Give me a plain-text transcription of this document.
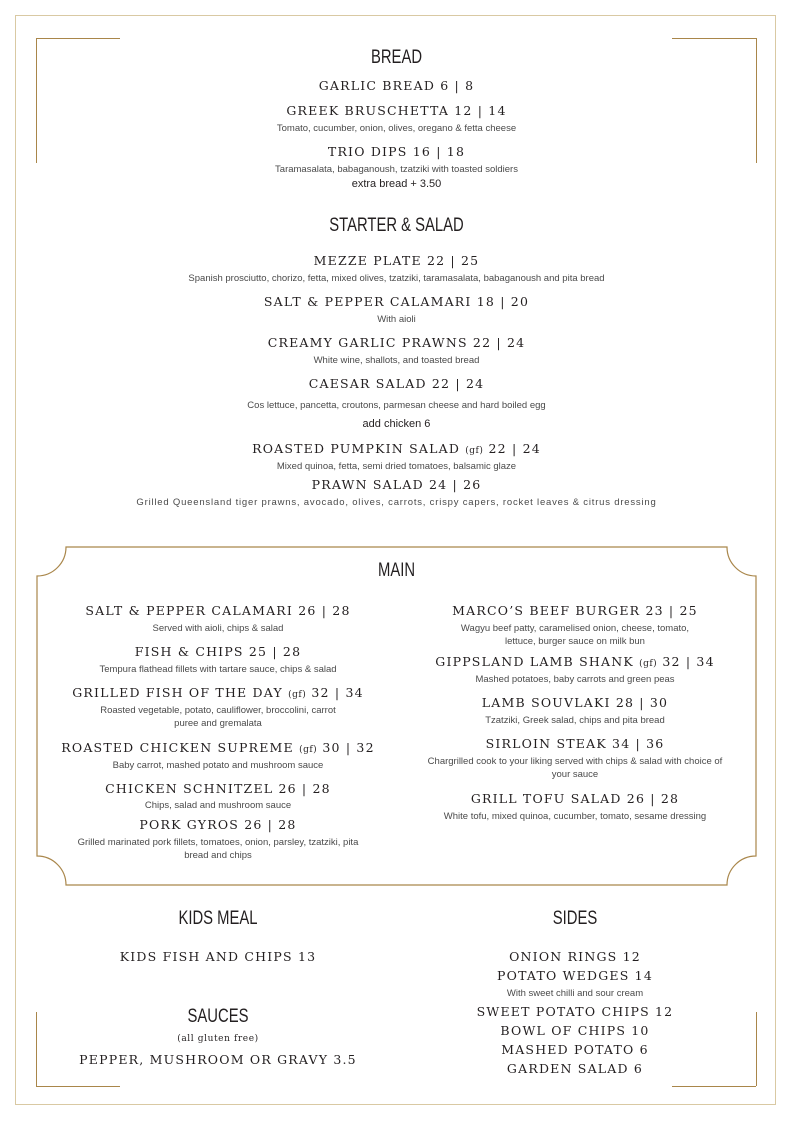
BREAD
GARLIC BREAD 6 | 8
GREEK BRUSCHETTA 12 | 14
Tomato, cucumber, onion, olives, oregano & fetta cheese
TRIO DIPS 16 | 18
Taramasalata, babaganoush, tzatziki with toasted soldiers
extra bread + 3.50
STARTER & SALAD
MEZZE PLATE 22 | 25
Spanish prosciutto, chorizo, fetta, mixed olives, tzatziki, taramasalata, babaganoush and pita bread
SALT & PEPPER CALAMARI 18 | 20
With aioli
CREAMY GARLIC PRAWNS 22 | 24
White wine, shallots, and toasted bread
CAESAR SALAD 22 | 24
Cos lettuce, pancetta, croutons, parmesan cheese and hard boiled egg
add chicken 6
ROASTED PUMPKIN SALAD (gf) 22 | 24
Mixed quinoa, fetta, semi dried tomatoes, balsamic glaze
PRAWN SALAD 24 | 26
Grilled Queensland tiger prawns, avocado, olives, carrots, crispy capers, rocket leaves & citrus dressing
MAIN
SALT & PEPPER CALAMARI 26 | 28
Served with aioli, chips & salad
FISH & CHIPS 25 | 28
Tempura flathead fillets with tartare sauce, chips & salad
GRILLED FISH OF THE DAY (gf) 32 | 34
Roasted vegetable, potato, cauliflower, broccolini, carrot puree and gremalata
ROASTED CHICKEN SUPREME (gf) 30 | 32
Baby carrot, mashed potato and mushroom sauce
CHICKEN SCHNITZEL 26 | 28
Chips, salad and mushroom sauce
PORK GYROS 26 | 28
Grilled marinated pork fillets, tomatoes, onion, parsley, tzatziki, pita bread and chips
MARCO’S BEEF BURGER 23 | 25
Wagyu beef patty, caramelised onion, cheese, tomato, lettuce, burger sauce on milk bun
GIPPSLAND LAMB SHANK (gf) 32 | 34
Mashed potatoes, baby carrots and green peas
LAMB SOUVLAKI 28 | 30
Tzatziki, Greek salad, chips and pita bread
SIRLOIN STEAK 34 | 36
Chargrilled cook to your liking served with chips & salad with choice of your sauce
GRILL TOFU SALAD 26 | 28
White tofu, mixed quinoa, cucumber, tomato, sesame dressing
KIDS MEAL
KIDS FISH AND CHIPS 13
SAUCES
(all gluten free)
PEPPER, MUSHROOM OR GRAVY 3.5
SIDES
ONION RINGS 12
POTATO WEDGES 14
With sweet chilli and sour cream
SWEET POTATO CHIPS 12
BOWL OF CHIPS 10
MASHED POTATO 6
GARDEN SALAD 6
